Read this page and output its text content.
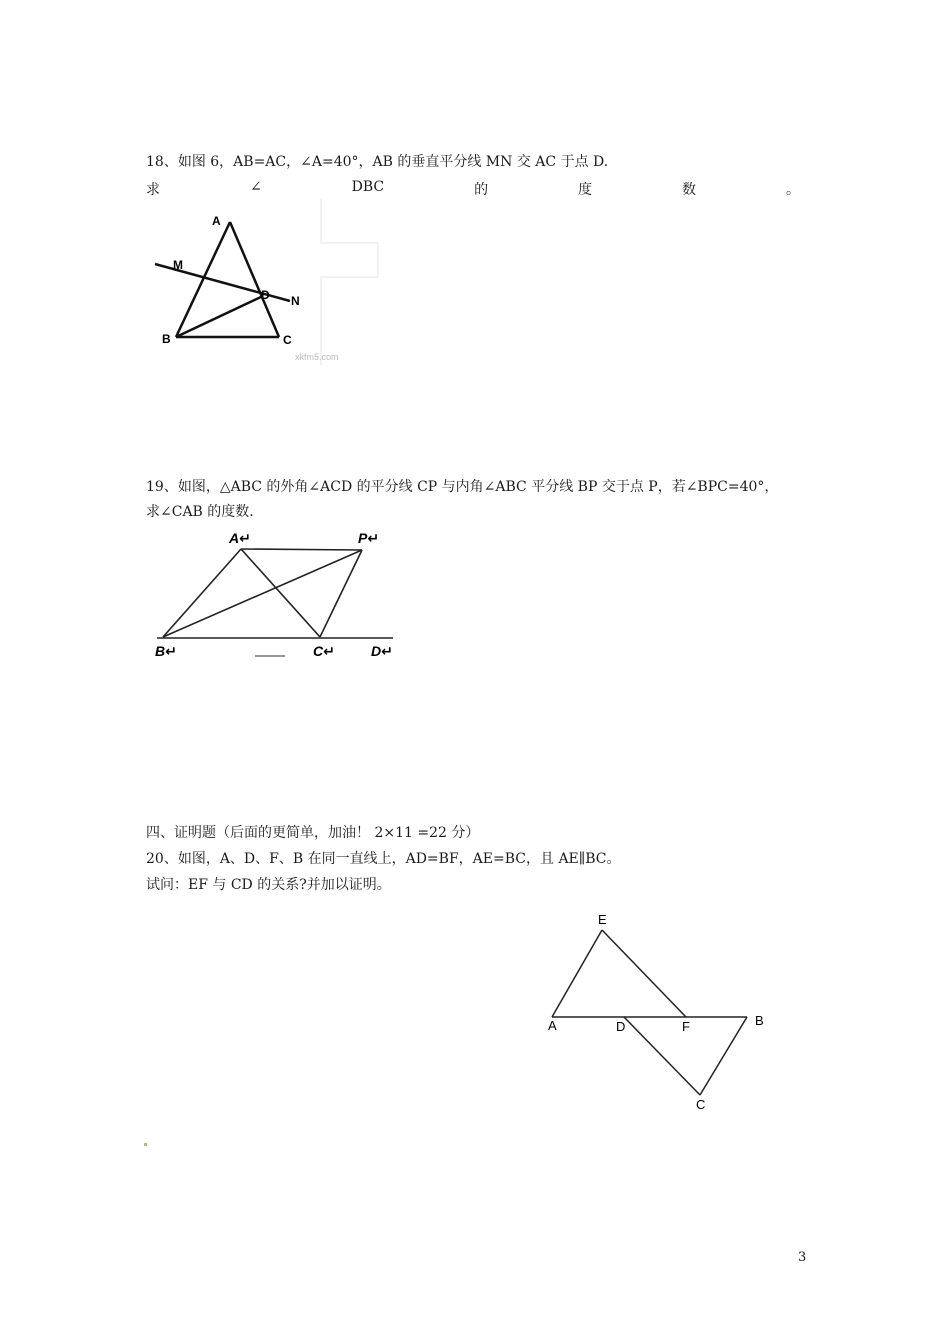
18、如图 6，AB=AC，∠A=40°，AB 的垂直平分线 MN 交 AC 于点 D.
求	∠	DBC	的	度	数	。
A
M
D N
B	C
xkfm5.com
19、如图，△ABC 的外角∠ACD 的平分线 CP 与内角∠ABC 平分线 BP 交于点 P，若∠BPC=40°，
求∠CAB 的度数.
A↵	P↵
B↵	C↵	D↵
四、证明题（后面的更简单，加油！ 2×11 =22 分）
20、如图，A、D、F、B 在同一直线上，AD=BF，AE=BC，且 AE∥BC。
试问：EF 与 CD 的关系?并加以证明。
E
A	D	F	B
C
3
